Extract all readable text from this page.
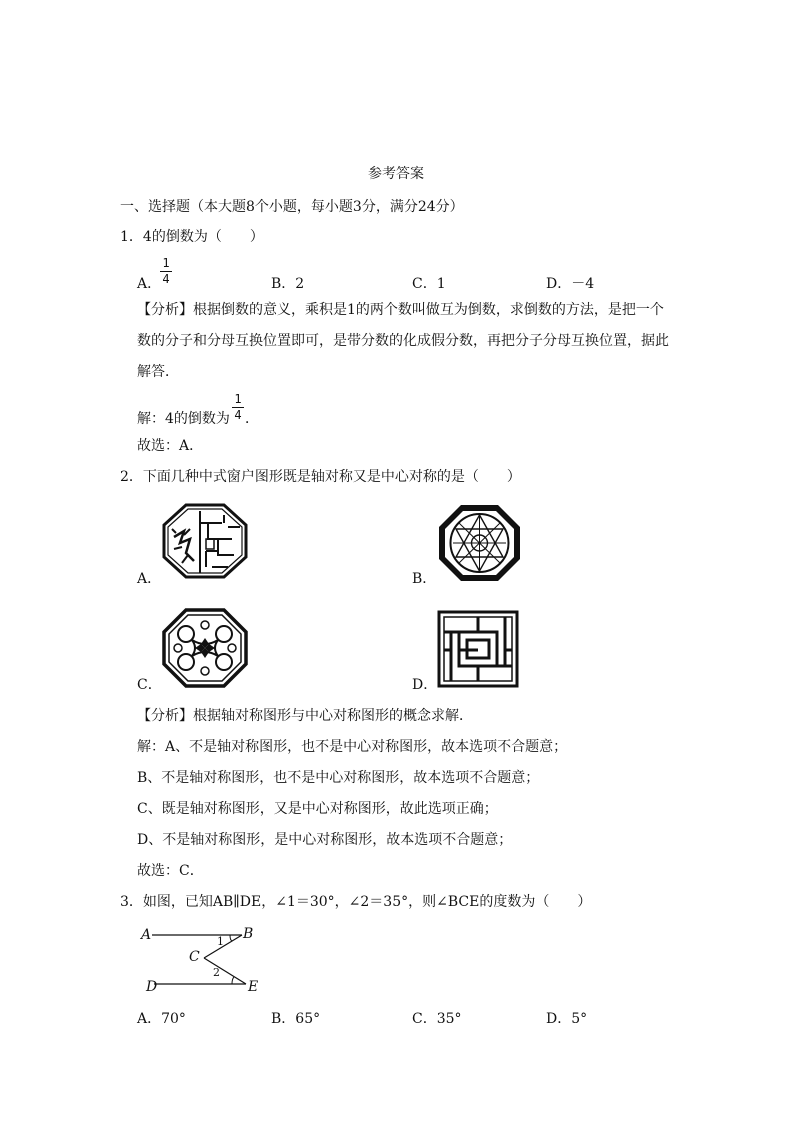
参考答案
一、选择题（本大题8个小题，每小题3分，满分24分）
1．4的倒数为（　　）
A．
1
4	B．2	C．1	D．－4
【分析】根据倒数的意义，乘积是1的两个数叫做互为倒数，求倒数的方法，是把一个
数的分子和分母互换位置即可，是带分数的化成假分数，再把分子分母互换位置，据此
解答．
解：4的倒数为
1
4 ．
故选：A．
2．下面几种中式窗户图形既是轴对称又是中心对称的是（　　）
A．	B．
C．	D．
【分析】根据轴对称图形与中心对称图形的概念求解．
解：A、不是轴对称图形，也不是中心对称图形，故本选项不合题意；
B、不是轴对称图形，也不是中心对称图形，故本选项不合题意；
C、既是轴对称图形，又是中心对称图形，故此选项正确；
D、不是轴对称图形，是中心对称图形，故本选项不合题意；
故选：C．
3．如图，已知AB∥DE，∠1＝30°，∠2＝35°，则∠BCE的度数为（　　）
A	B
C
D	E
1
2
A．70°	B．65°	C．35°	D．5°
